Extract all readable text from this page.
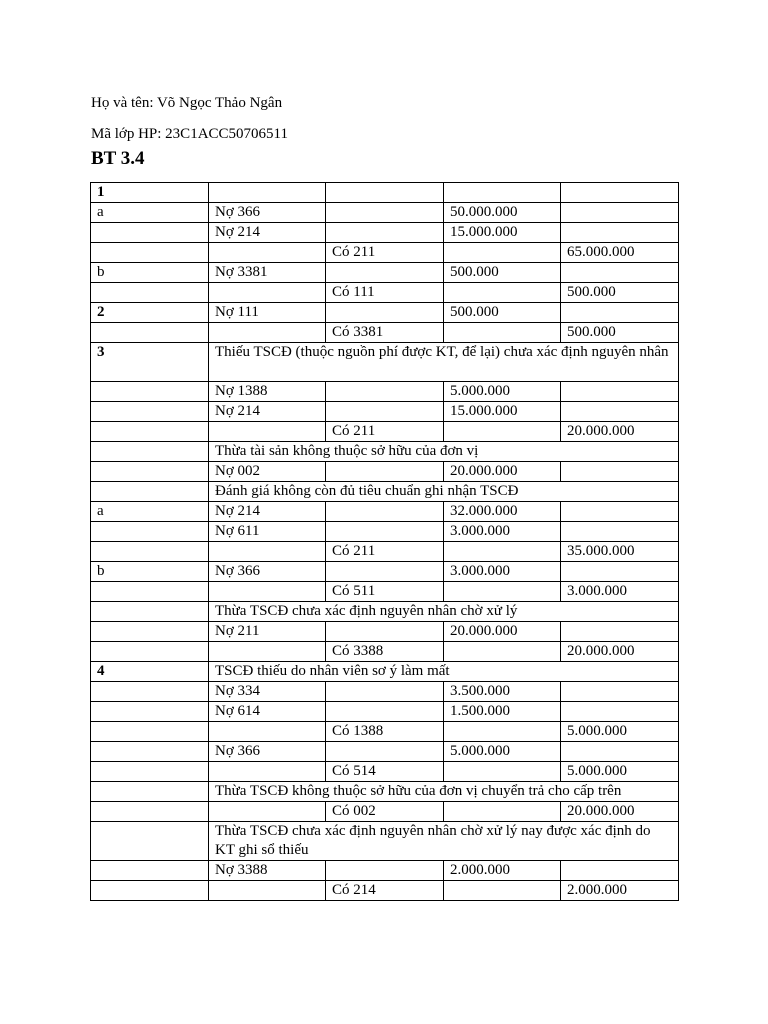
Họ và tên: Võ Ngọc Thảo Ngân
Mã lớp HP: 23C1ACC50706511
BT 3.4
1				
a	Nợ 366		50.000.000	
	Nợ 214		15.000.000	
		Có 211		65.000.000
b	Nợ 3381		500.000	
		Có 111		500.000
2	Nợ 111		500.000	
		Có 3381		500.000
3	Thiếu TSCĐ (thuộc nguồn phí được KT, để lại) chưa xác định nguyên nhân			
	Nợ 1388		5.000.000	
	Nợ 214		15.000.000	
		Có 211		20.000.000
	Thừa tài sản không thuộc sở hữu của đơn vị			
	Nợ 002		20.000.000	
	Đánh giá không còn đủ tiêu chuẩn ghi nhận TSCĐ			
a	Nợ 214		32.000.000	
	Nợ 611		3.000.000	
		Có 211		35.000.000
b	Nợ 366		3.000.000	
		Có 511		3.000.000
	Thừa TSCĐ chưa xác định nguyên nhân chờ xử lý			
	Nợ 211		20.000.000	
		Có 3388		20.000.000
4	TSCĐ thiếu do nhân viên sơ ý làm mất			
	Nợ 334		3.500.000	
	Nợ 614		1.500.000	
		Có 1388		5.000.000
	Nợ 366		5.000.000	
		Có 514		5.000.000
	Thừa TSCĐ không thuộc sở hữu của đơn vị chuyển trả cho cấp trên			
		Có 002		20.000.000
	Thừa TSCĐ chưa xác định nguyên nhân chờ xử lý nay được xác định do KT ghi sổ thiếu			
	Nợ 3388		2.000.000	
		Có 214		2.000.000
